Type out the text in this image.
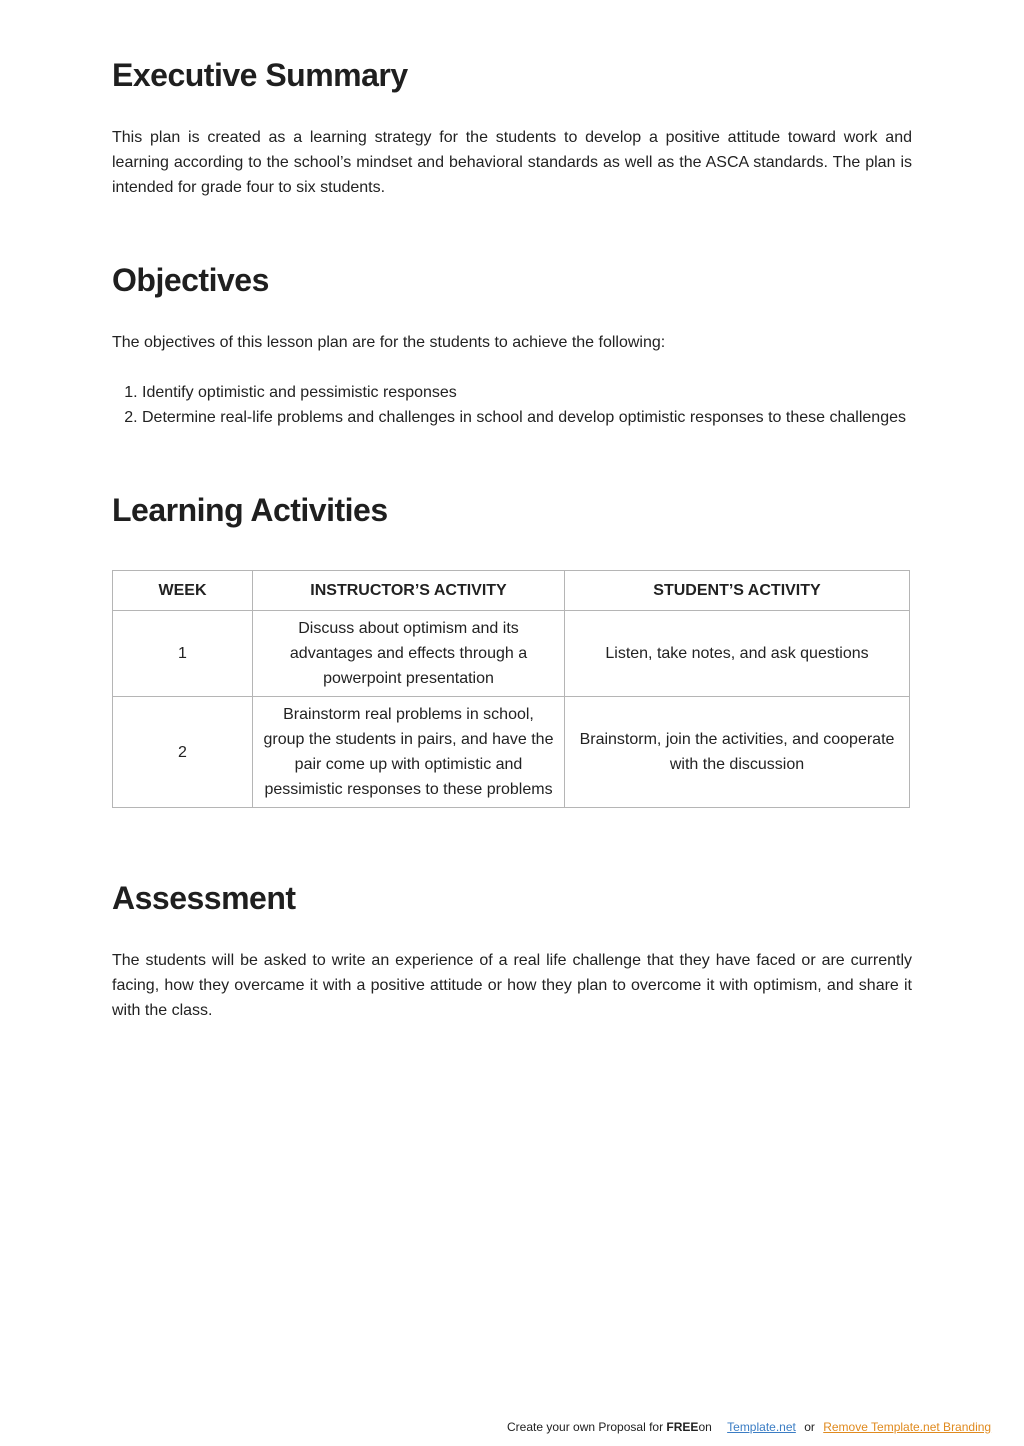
Executive Summary

This plan is created as a learning strategy for the students to develop a positive attitude toward work and learning according to the school’s mindset and behavioral standards as well as the ASCA standards. The plan is intended for grade four to six students.

Objectives

The objectives of this lesson plan are for the students to achieve the following:

1. Identify optimistic and pessimistic responses
2. Determine real-life problems and challenges in school and develop optimistic responses to these challenges
Learning Activities
WEEK	INSTRUCTOR’S ACTIVITY	STUDENT’S ACTIVITY
1	Discuss about optimism and its advantages and effects through a powerpoint presentation	Listen, take notes, and ask questions
2	Brainstorm real problems in school, group the students in pairs, and have the pair come up with optimistic and pessimistic responses to these problems	Brainstorm, join the activities, and cooperate with the discussion
Assessment

The students will be asked to write an experience of a real life challenge that they have faced or are currently facing, how they overcame it with a positive attitude or how they plan to overcome it with optimism, and share it with the class.

Create your own Proposal for FREEon Template.net or Remove Template.net Branding
